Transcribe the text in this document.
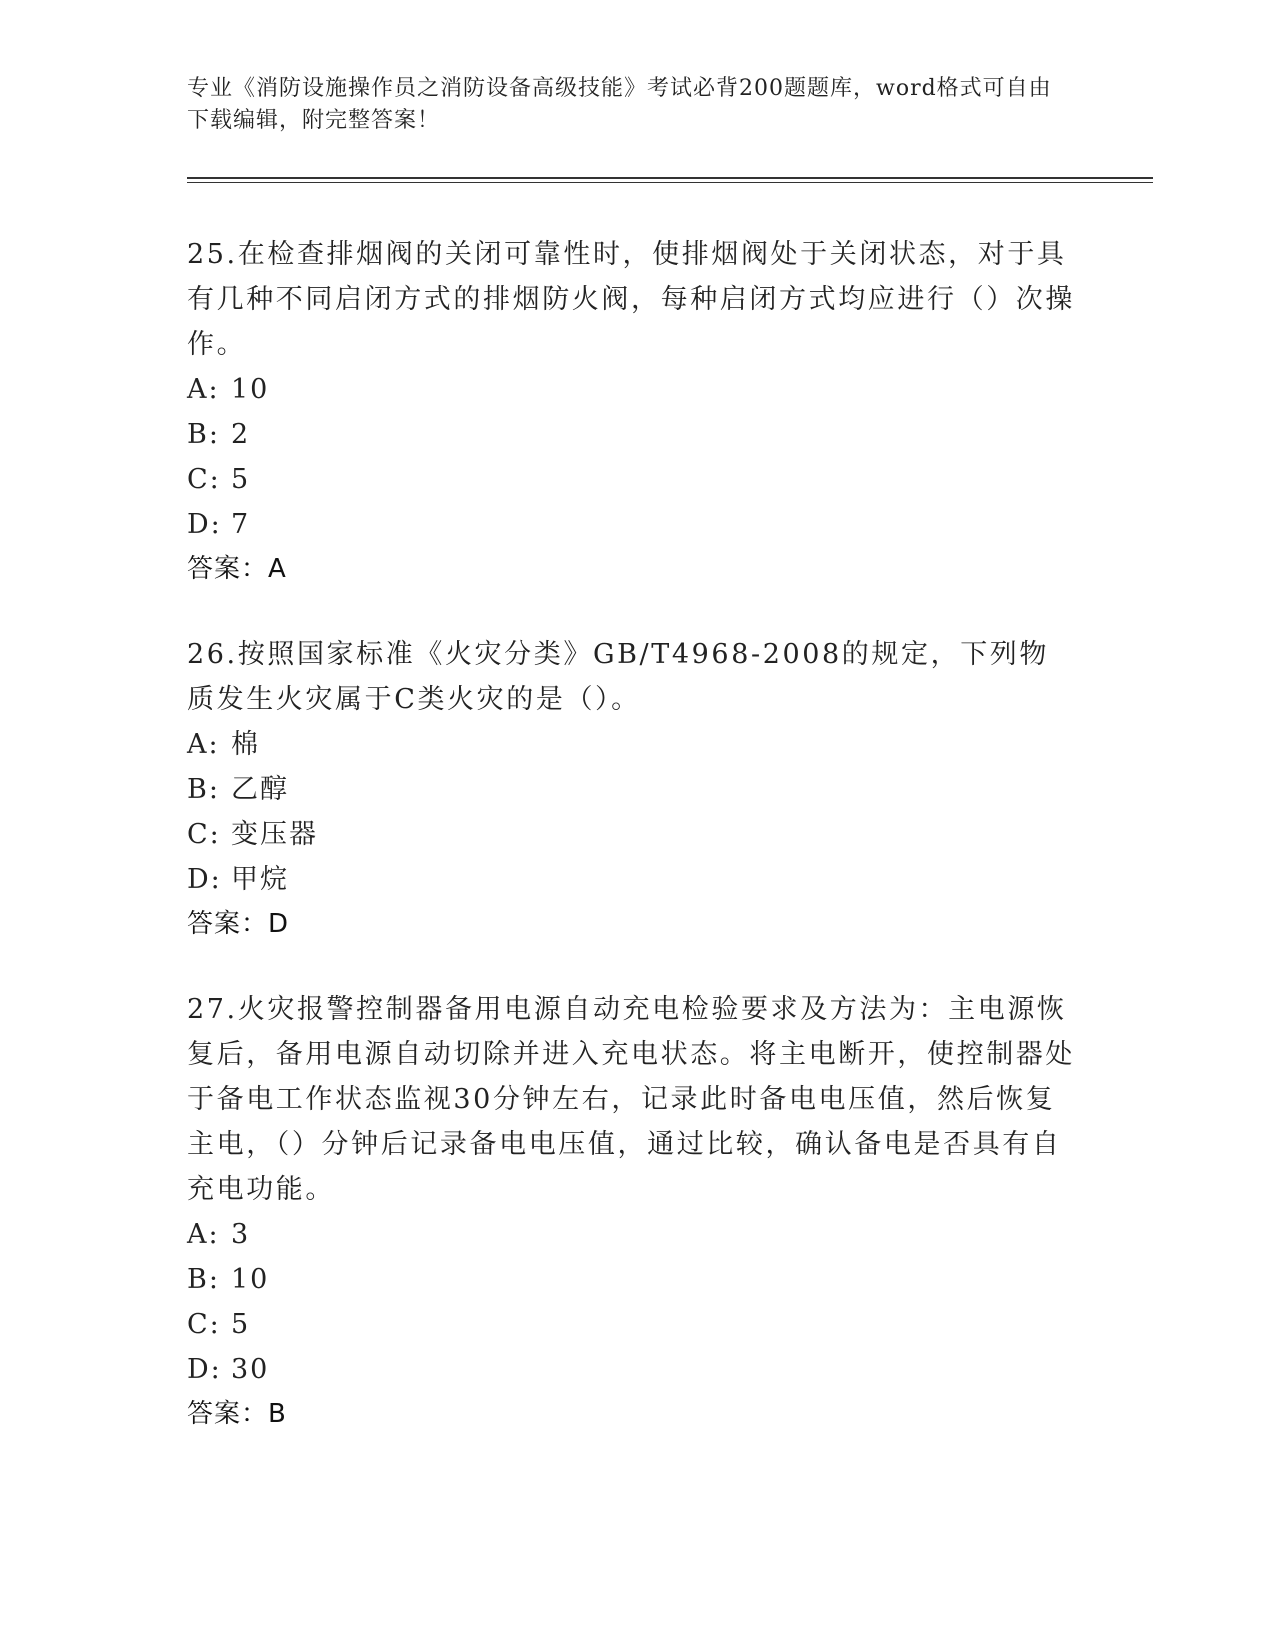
专业《消防设施操作员之消防设备高级技能》考试必背200题题库，word格式可自由下载编辑，附完整答案！

25.在检查排烟阀的关闭可靠性时，使排烟阀处于关闭状态，对于具有几种不同启闭方式的排烟防火阀，每种启闭方式均应进行（）次操作。

A: 10

B: 2

C: 5

D: 7

答案：A

26.按照国家标准《火灾分类》GB/T4968-2008的规定，下列物质发生火灾属于C类火灾的是（）。

A: 棉

B: 乙醇

C: 变压器

D: 甲烷

答案：D

27.火灾报警控制器备用电源自动充电检验要求及方法为：主电源恢复后，备用电源自动切除并进入充电状态。将主电断开，使控制器处于备电工作状态监视30分钟左右，记录此时备电电压值，然后恢复主电，（）分钟后记录备电电压值，通过比较，确认备电是否具有自充电功能。

A: 3

B: 10

C: 5

D: 30

答案：B
